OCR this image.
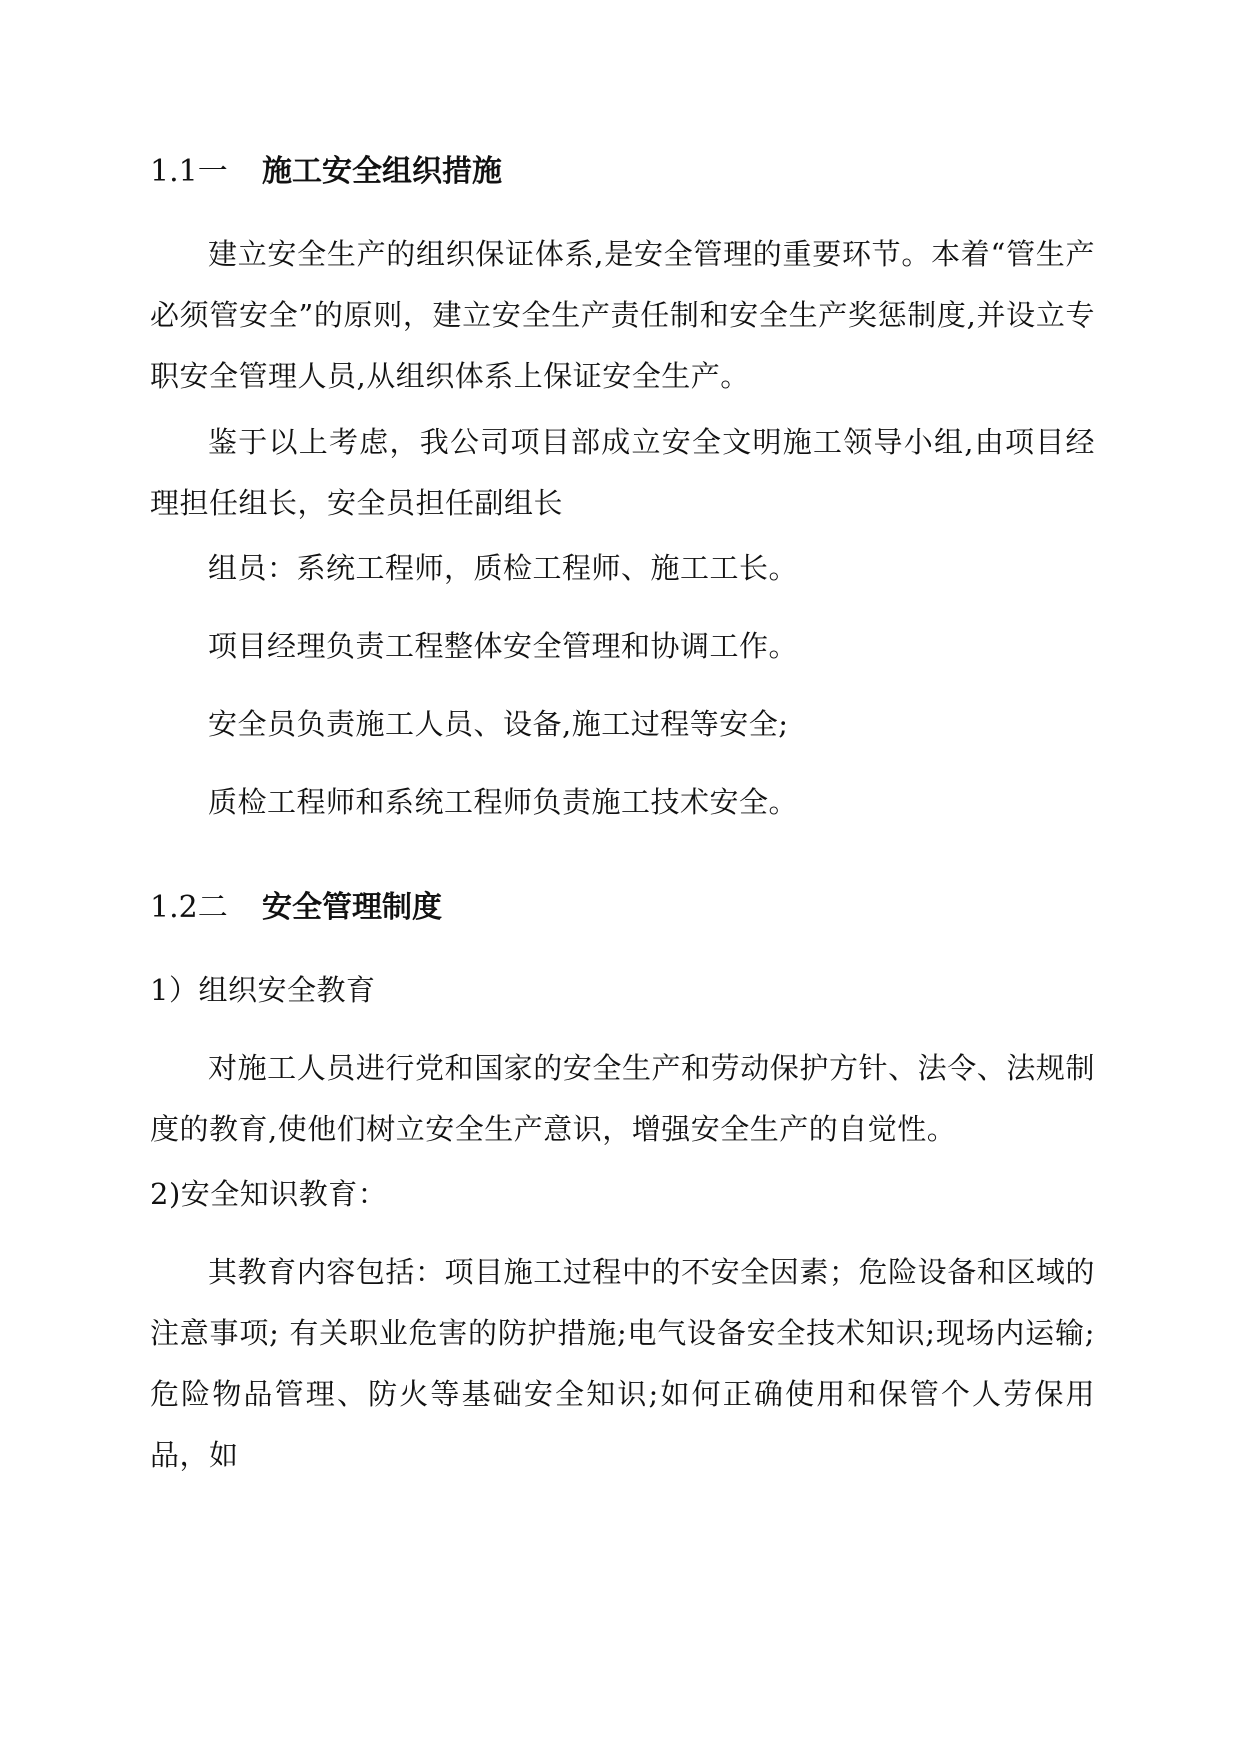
1.1一 施工安全组织措施
建立安全生产的组织保证体系,是安全管理的重要环节。本着“管生产必须管安全”的原则，建立安全生产责任制和安全生产奖惩制度,并设立专职安全管理人员,从组织体系上保证安全生产。
鉴于以上考虑，我公司项目部成立安全文明施工领导小组,由项目经理担任组长，安全员担任副组长
组员：系统工程师，质检工程师、施工工长。
项目经理负责工程整体安全管理和协调工作。
安全员负责施工人员、设备,施工过程等安全;
质检工程师和系统工程师负责施工技术安全。
1.2二 安全管理制度
1）组织安全教育
对施工人员进行党和国家的安全生产和劳动保护方针、法令、法规制度的教育,使他们树立安全生产意识，增强安全生产的自觉性。
2)安全知识教育：
其教育内容包括：项目施工过程中的不安全因素；危险设备和区域的注意事项; 有关职业危害的防护措施;电气设备安全技术知识;现场内运输;危险物品管理、防火等基础安全知识;如何正确使用和保管个人劳保用品，如
